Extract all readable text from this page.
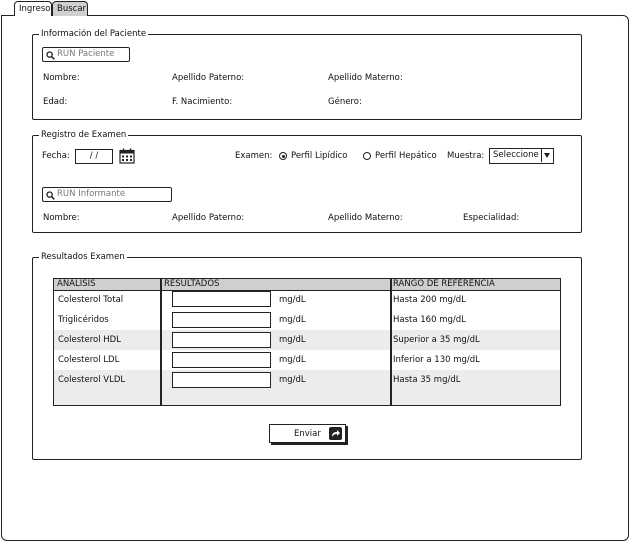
Ingreso Buscar
Información del Paciente
RUN Paciente
Nombre:	Apellido Paterno:	Apellido Materno:
Edad:	F. Nacimiento:	Género:
Registro de Examen
Fecha:	/ /	Examen: Perfil Lipídico	Perfil Hepático Muestra: Seleccione
RUN Informante
Nombre:	Apellido Paterno:	Apellido Materno:	Especialidad:
Resultados Examen
ANALISIS	RESULTADOS	RANGO DE REFERENCIA
Colesterol Total	mg/dL	Hasta 200 mg/dL
Triglicéridos	mg/dL	Hasta 160 mg/dL
Colesterol HDL	mg/dL	Superior a 35 mg/dL
Colesterol LDL	mg/dL	Inferior a 130 mg/dL
Colesterol VLDL	mg/dL	Hasta 35 mg/dL
Enviar
